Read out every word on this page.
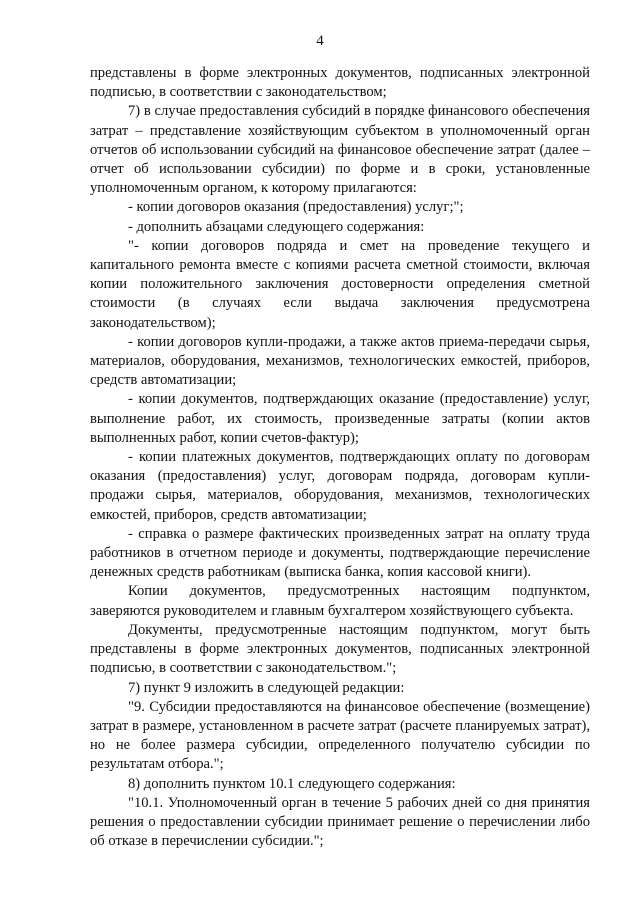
4

представлены в форме электронных документов, подписанных электронной подписью, в соответствии с законодательством;

7) в случае предоставления субсидий в порядке финансового обеспечения затрат – представление хозяйствующим субъектом в уполномоченный орган отчетов об использовании субсидий на финансовое обеспечение затрат (далее – отчет об использовании субсидии) по форме и в сроки, установленные уполномоченным органом, к которому прилагаются:

- копии договоров оказания (предоставления) услуг;";

- дополнить абзацами следующего содержания:

"- копии договоров подряда и смет на проведение текущего и капитального ремонта вместе с копиями расчета сметной стоимости, включая копии положительного заключения достоверности определения сметной стоимости (в случаях если выдача заключения предусмотрена законодательством);

- копии договоров купли-продажи, а также актов приема-передачи сырья, материалов, оборудования, механизмов, технологических емкостей, приборов, средств автоматизации;

- копии документов, подтверждающих оказание (предоставление) услуг, выполнение работ, их стоимость, произведенные затраты (копии актов выполненных работ, копии счетов-фактур);

- копии платежных документов, подтверждающих оплату по договорам оказания (предоставления) услуг, договорам подряда, договорам купли-продажи сырья, материалов, оборудования, механизмов, технологических емкостей, приборов, средств автоматизации;

- справка о размере фактических произведенных затрат на оплату труда работников в отчетном периоде и документы, подтверждающие перечисление денежных средств работникам (выписка банка, копия кассовой книги).

Копии документов, предусмотренных настоящим подпунктом, заверяются руководителем и главным бухгалтером хозяйствующего субъекта.

Документы, предусмотренные настоящим подпунктом, могут быть представлены в форме электронных документов, подписанных электронной подписью, в соответствии с законодательством.";

7) пункт 9 изложить в следующей редакции:

"9. Субсидии предоставляются на финансовое обеспечение (возмещение) затрат в размере, установленном в расчете затрат (расчете планируемых затрат), но не более размера субсидии, определенного получателю субсидии по результатам отбора.";

8) дополнить пунктом 10.1 следующего содержания:

"10.1. Уполномоченный орган в течение 5 рабочих дней со дня принятия решения о предоставлении субсидии принимает решение о перечислении либо об отказе в перечислении субсидии.";
